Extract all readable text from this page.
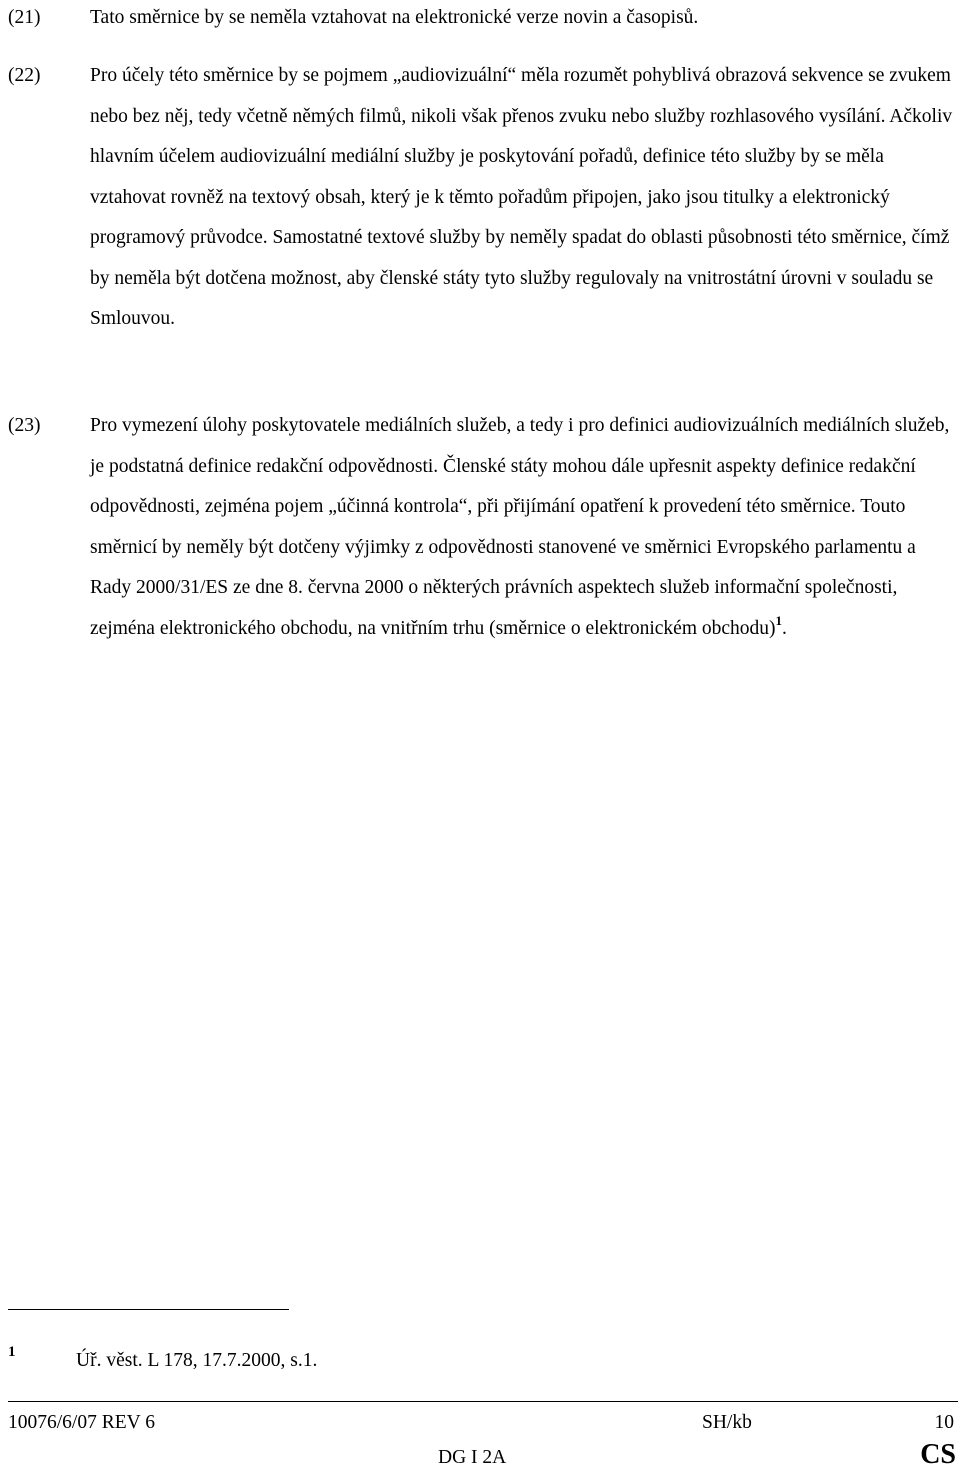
(21)	Tato směrnice by se neměla vztahovat na elektronické verze novin a časopisů.
(22)	Pro účely této směrnice by se pojmem „audiovizuální“ měla rozumět pohyblivá obrazová sekvence se zvukem nebo bez něj, tedy včetně němých filmů, nikoli však přenos zvuku nebo služby rozhlasového vysílání. Ačkoliv hlavním účelem audiovizuální mediální služby je poskytování pořadů, definice této služby by se měla vztahovat rovněž na textový obsah, který je k těmto pořadům připojen, jako jsou titulky a elektronický programový průvodce. Samostatné textové služby by neměly spadat do oblasti působnosti této směrnice, čímž by neměla být dotčena možnost, aby členské státy tyto služby regulovaly na vnitrostátní úrovni v souladu se Smlouvou.
(23)	Pro vymezení úlohy poskytovatele mediálních služeb, a tedy i pro definici audiovizuálních mediálních služeb, je podstatná definice redakční odpovědnosti. Členské státy mohou dále upřesnit aspekty definice redakční odpovědnosti, zejména pojem „účinná kontrola“, při přijímání opatření k provedení této směrnice. Touto směrnicí by neměly být dotčeny výjimky z odpovědnosti stanovené ve směrnici Evropského parlamentu a Rady 2000/31/ES ze dne 8. června 2000 o některých právních aspektech služeb informační společnosti, zejména elektronického obchodu, na vnitřním trhu (směrnice o elektronickém obchodu)$^1$.
1	Úř. věst. L 178, 17.7.2000, s.1.
10076/6/07 REV 6	SH/kb	10
DG I 2A	CS
